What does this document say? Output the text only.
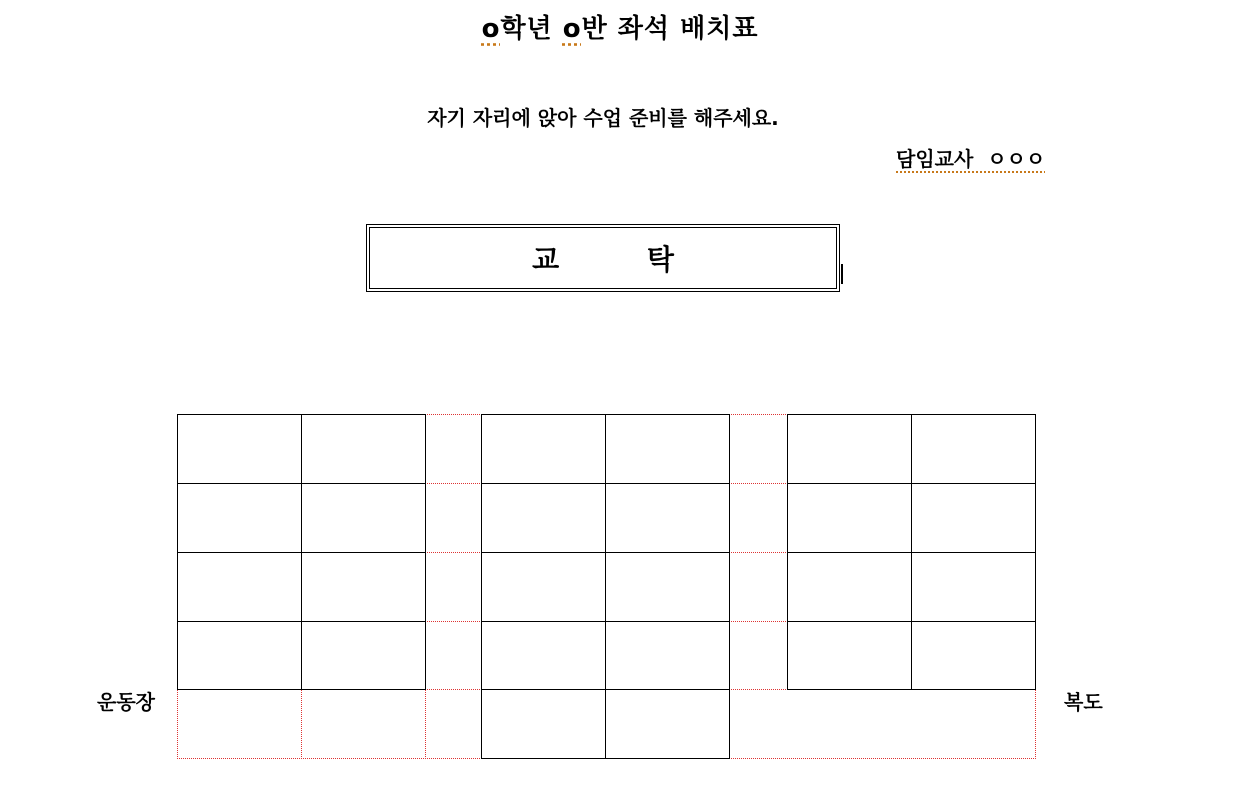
o학년 o반 좌석 배치표
자기 자리에 앉아 수업 준비를 해주세요.
담임교사  ㅇㅇㅇ
교         탁
운동장	복도
